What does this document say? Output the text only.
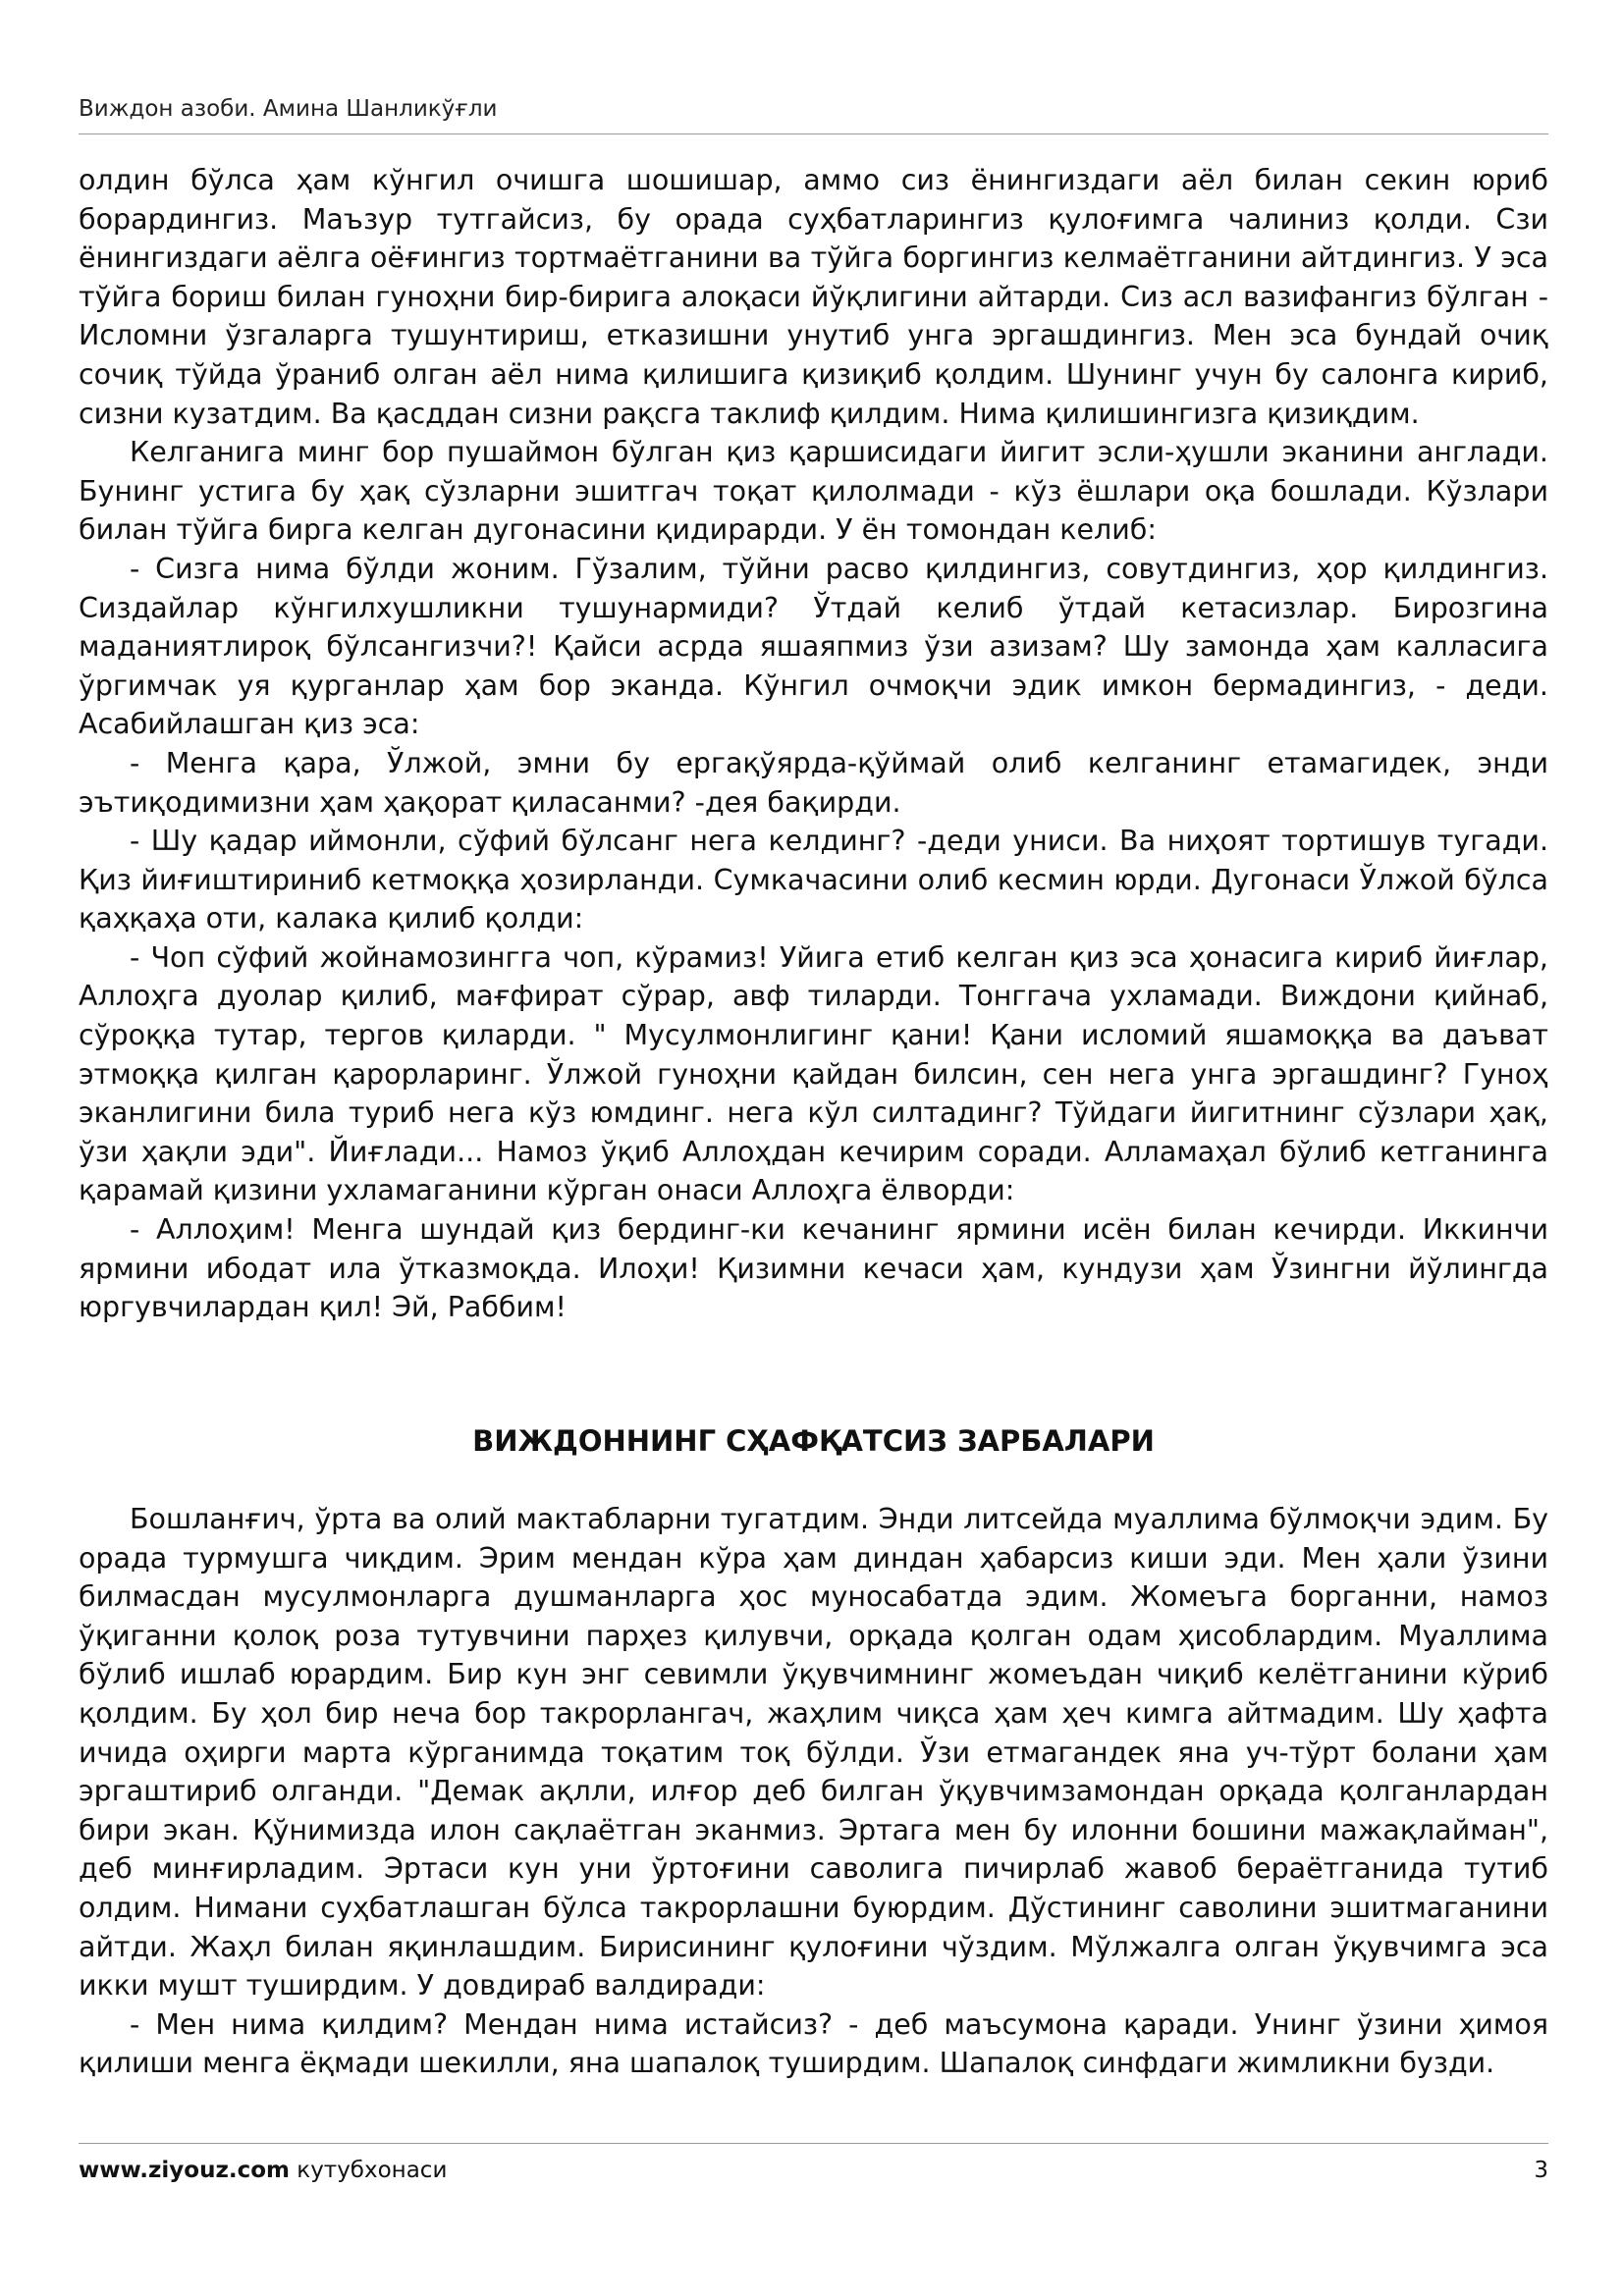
Виждон азоби. Амина Шанликўғли

олдин бўлса ҳам кўнгил очишга шошишар, аммо сиз ёнингиздаги аёл билан секин юриб борардингиз. Маъзур тутгайсиз, бу орада суҳбатларингиз қулоғимга чалиниз қолди. Сзи ёнингиздаги аёлга оёғингиз тортмаётганини ва тўйга боргингиз келмаётганини айтдингиз. У эса тўйга бориш билан гуноҳни бир-бирига алоқаси йўқлигини айтарди. Сиз асл вазифангиз бўлган - Исломни ўзгаларга тушунтириш, етказишни унутиб унга эргашдингиз. Мен эса бундай очиқ сочиқ тўйда ўраниб олган аёл нима қилишига қизиқиб қолдим. Шунинг учун бу салонга кириб, сизни кузатдим. Ва қасддан сизни рақсга таклиф қилдим. Нима қилишингизга қизиқдим.

Келганига минг бор пушаймон бўлган қиз қаршисидаги йигит эсли-ҳушли эканини англади. Бунинг устига бу ҳақ сўзларни эшитгач тоқат қилолмади - кўз ёшлари оқа бошлади. Кўзлари билан тўйга бирга келган дугонасини қидирарди. У ён томондан келиб:

- Сизга нима бўлди жоним. Гўзалим, тўйни расво қилдингиз, совутдингиз, ҳор қилдингиз. Сиздайлар кўнгилхушликни тушунармиди? Ўтдай келиб ўтдай кетасизлар. Бирозгина маданиятлироқ бўлсангизчи?! Қайси асрда яшаяпмиз ўзи азизам? Шу замонда ҳам калласига ўргимчак уя қурганлар ҳам бор эканда. Кўнгил очмоқчи эдик имкон бермадингиз, - деди. Асабийлашган қиз эса:

- Менга қара, Ўлжой, эмни бу ергақўярда-қўймай олиб келганинг етамагидек, энди эътиқодимизни ҳам ҳақорат қиласанми? -дея бақирди.

- Шу қадар иймонли, сўфий бўлсанг нега келдинг? -деди униси. Ва ниҳоят тортишув тугади. Қиз йиғиштириниб кетмоққа ҳозирланди. Сумкачасини олиб кесмин юрди. Дугонаси Ўлжой бўлса қаҳқаҳа оти, калака қилиб қолди:

- Чоп сўфий жойнамозингга чоп, кўрамиз! Уйига етиб келган қиз эса ҳонасига кириб йиғлар, Аллоҳга дуолар қилиб, мағфират сўрар, авф тиларди. Тонггача ухламади. Виждони қийнаб, сўроққа тутар, тергов қиларди. " Мусулмонлигинг қани! Қани исломий яшамоққа ва даъват этмоққа қилган қарорларинг. Ўлжой гуноҳни қайдан билсин, сен нега унга эргашдинг? Гуноҳ эканлигини била туриб нега кўз юмдинг. нега кўл силтадинг? Тўйдаги йигитнинг сўзлари ҳақ, ўзи ҳақли эди". Йиғлади... Намоз ўқиб Аллоҳдан кечирим соради. Алламаҳал бўлиб кетганинга қарамай қизини ухламаганини кўрган онаси Аллоҳга ёлворди:

- Аллоҳим! Менга шундай қиз бердинг-ки кечанинг ярмини исён билан кечирди. Иккинчи ярмини ибодат ила ўтказмоқда. Илоҳи! Қизимни кечаси ҳам, кундузи ҳам Ўзингни йўлингда юргувчилардан қил! Эй, Раббим!

ВИЖДОННИНГ СҲАФҚАТСИЗ ЗАРБАЛАРИ

Бошланғич, ўрта ва олий мактабларни тугатдим. Энди литсейда муаллима бўлмоқчи эдим. Бу орада турмушга чиқдим. Эрим мендан кўра ҳам диндан ҳабарсиз киши эди. Мен ҳали ўзини билмасдан мусулмонларга душманларга ҳос муносабатда эдим. Жомеъга борганни, намоз ўқиганни қолоқ роза тутувчини парҳез қилувчи, орқада қолган одам ҳисоблардим. Муаллима бўлиб ишлаб юрардим. Бир кун энг севимли ўқувчимнинг жомеъдан чиқиб келётганини кўриб қолдим. Бу ҳол бир неча бор такрорлангач, жаҳлим чиқса ҳам ҳеч кимга айтмадим. Шу ҳафта ичида оҳирги марта кўрганимда тоқатим тоқ бўлди. Ўзи етмагандек яна уч-тўрт болани ҳам эргаштириб олганди. "Демак ақлли, илғор деб билган ўқувчимзамондан орқада қолганлардан бири экан. Қўнимизда илон сақлаётган эканмиз. Эртага мен бу илонни бошини мажақлайман", деб минғирладим. Эртаси кун уни ўртоғини саволига пичирлаб жавоб бераётганида тутиб олдим. Нимани суҳбатлашган бўлса такрорлашни буюрдим. Дўстининг саволини эшитмаганини айтди. Жаҳл билан яқинлашдим. Бирисининг қулоғини чўздим. Мўлжалга олган ўқувчимга эса икки мушт туширдим. У довдираб валдиради:

- Мен нима қилдим? Мендан нима истайсиз? - деб маъсумона қаради. Унинг ўзини ҳимоя қилиши менга ёқмади шекилли, яна шапалоқ туширдим. Шапалоқ синфдаги жимликни бузди.

www.ziyouz.com кутубхонаси	3
